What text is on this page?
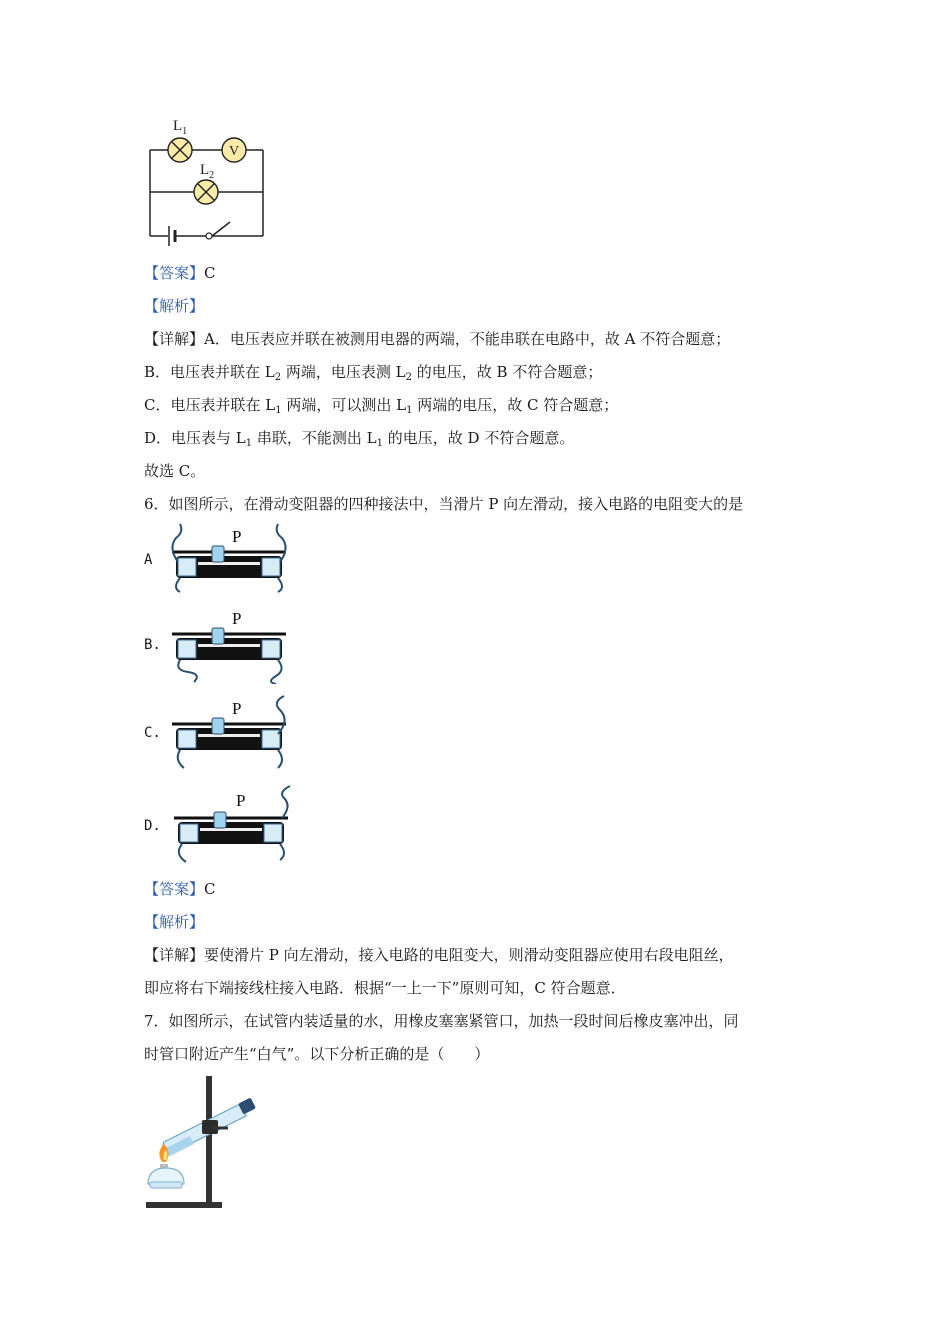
V
$L_1$
$L_2$
【答案】C
【解析】
【详解】A．电压表应并联在被测用电器的两端，不能串联在电路中，故 A 不符合题意；
B．电压表并联在 $L_2$ 两端，电压表测 $L_2$ 的电压，故 B 不符合题意；
C．电压表并联在 $L_1$ 两端，可以测出 $L_1$ 两端的电压，故 C 符合题意；
D．电压表与 $L_1$ 串联，不能测出 $L_1$ 的电压，故 D 不符合题意。
故选 C。
6．如图所示，在滑动变阻器的四种接法中，当滑片 P 向左滑动，接入电路的电阻变大的是
A
B.
C.
D.
P
P
P
P
【答案】C
【解析】
【详解】要使滑片 P 向左滑动，接入电路的电阻变大，则滑动变阻器应使用右段电阻丝，
即应将右下端接线柱接入电路．根据“一上一下”原则可知，C 符合题意．
7．如图所示，在试管内装适量的水，用橡皮塞塞紧管口，加热一段时间后橡皮塞冲出，同
时管口附近产生“白气”。以下分析正确的是（　　）
